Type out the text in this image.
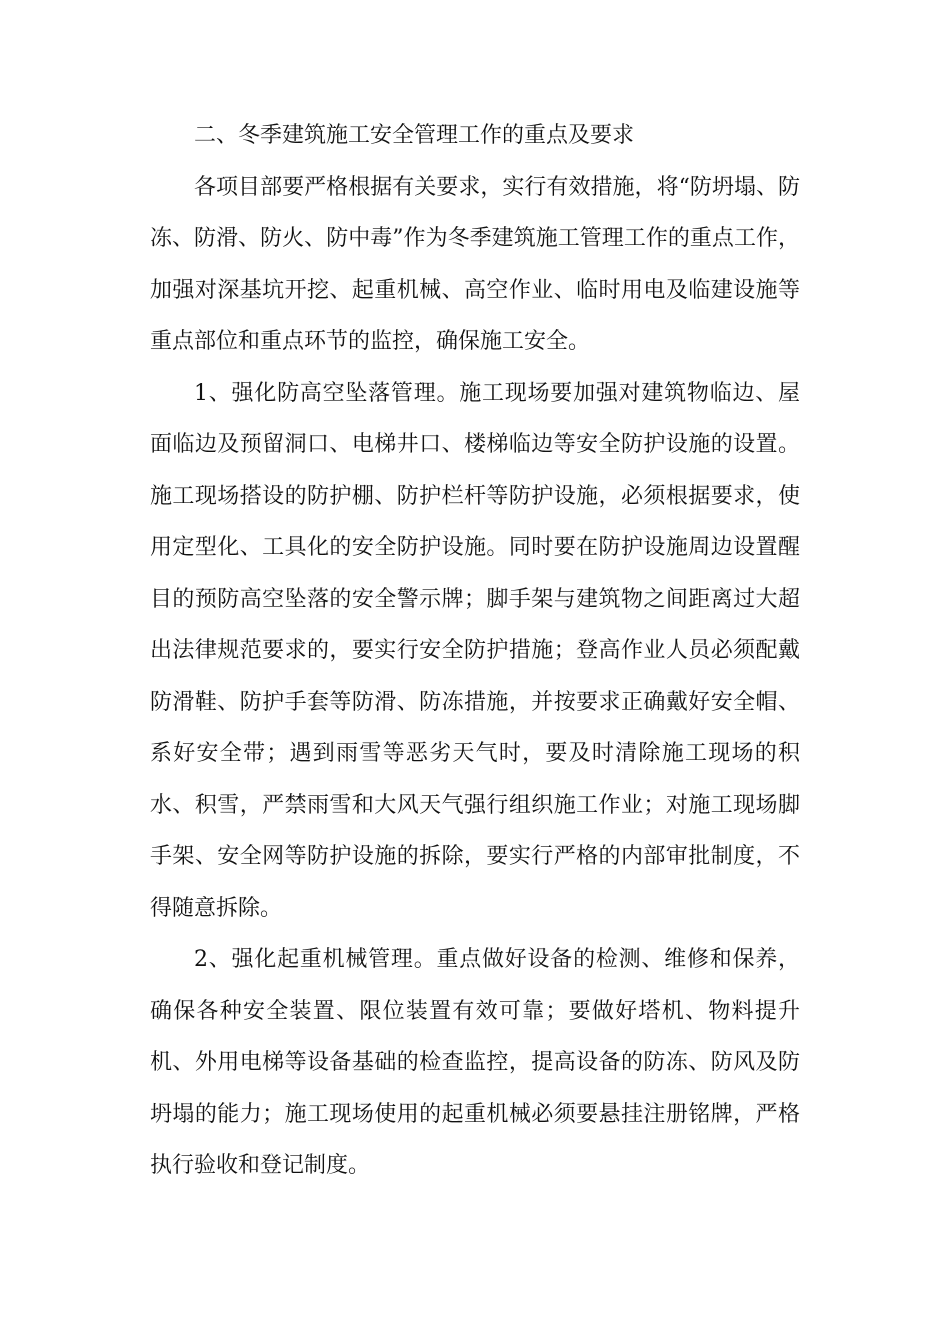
二、冬季建筑施工安全管理工作的重点及要求

各项目部要严格根据有关要求，实行有效措施，将“防坍塌、防冻、防滑、防火、防中毒”作为冬季建筑施工管理工作的重点工作，加强对深基坑开挖、起重机械、高空作业、临时用电及临建设施等重点部位和重点环节的监控，确保施工安全。

1、强化防高空坠落管理。施工现场要加强对建筑物临边、屋面临边及预留洞口、电梯井口、楼梯临边等安全防护设施的设置。施工现场搭设的防护棚、防护栏杆等防护设施，必须根据要求，使用定型化、工具化的安全防护设施。同时要在防护设施周边设置醒目的预防高空坠落的安全警示牌；脚手架与建筑物之间距离过大超出法律规范要求的，要实行安全防护措施；登高作业人员必须配戴防滑鞋、防护手套等防滑、防冻措施，并按要求正确戴好安全帽、系好安全带；遇到雨雪等恶劣天气时，要及时清除施工现场的积水、积雪，严禁雨雪和大风天气强行组织施工作业；对施工现场脚手架、安全网等防护设施的拆除，要实行严格的内部审批制度，不得随意拆除。

2、强化起重机械管理。重点做好设备的检测、维修和保养，确保各种安全装置、限位装置有效可靠；要做好塔机、物料提升机、外用电梯等设备基础的检查监控，提高设备的防冻、防风及防坍塌的能力；施工现场使用的起重机械必须要悬挂注册铭牌，严格执行验收和登记制度。
